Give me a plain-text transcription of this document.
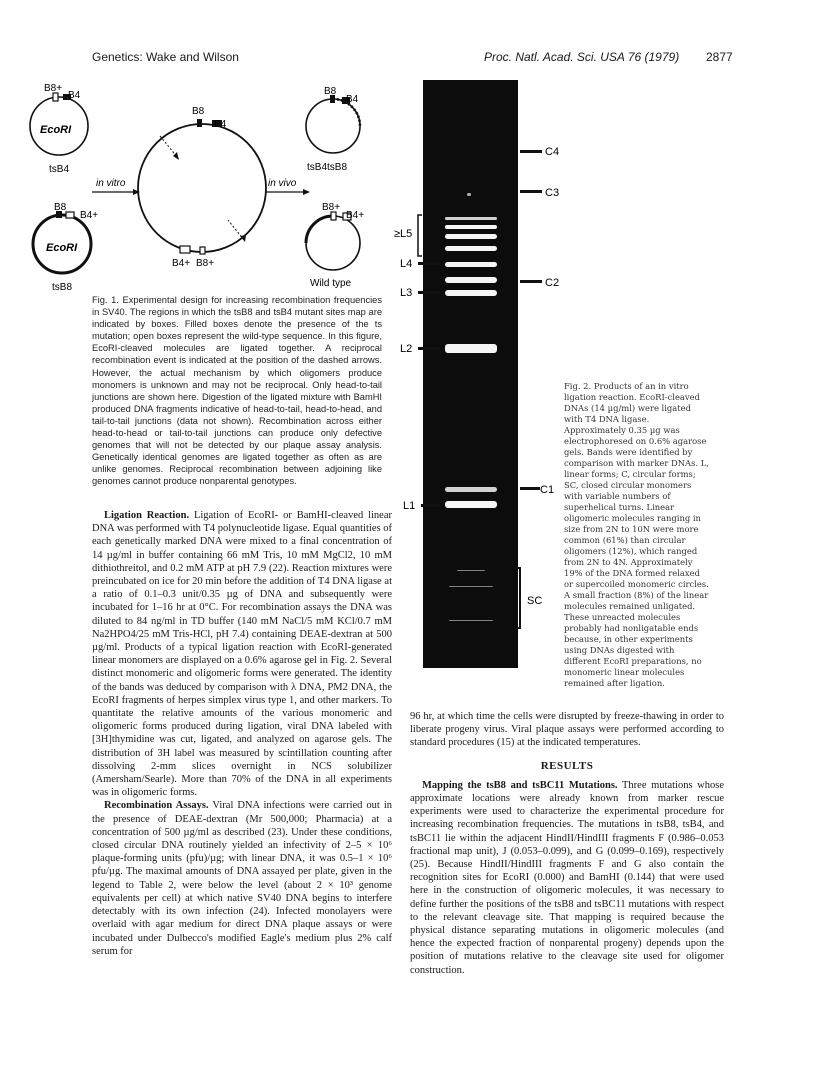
Genetics: Wake and Wilson	Proc. Natl. Acad. Sci. USA 76 (1979) 2877
B8+
B4
EcoRI
tsB4
B8
B4+
EcoRI
tsB8
B8
B4
B4+ B8+
in vitro	in vivo
B8
B4
tsB4tsB8
B8+
B4+
Wild type
Fig. 1. Experimental design for increasing recombination frequencies in SV40. The regions in which the tsB8 and tsB4 mutant sites map are indicated by boxes. Filled boxes denote the presence of the ts mutation; open boxes represent the wild-type sequence. In this figure, EcoRI-cleaved molecules are ligated together. A reciprocal recombination event is indicated at the position of the dashed arrows. However, the actual mechanism by which oligomers produce monomers is unknown and may not be reciprocal. Only head-to-tail junctions are shown here. Digestion of the ligated mixture with BamHI produced DNA fragments indicative of head-to-tail, head-to-head, and tail-to-tail junctions (data not shown). Recombination across either head-to-head or tail-to-tail junctions can produce only defective genomes that will not be detected by our plaque assay analysis. Genetically identical genomes are ligated together as often as are unlike genomes. Reciprocal recombination between adjoining like genomes cannot produce nonparental genotypes.
≥L5
L4
L3
L2
L1
C4
C3
C2
C1
SC
Fig. 2. Products of an in vitro ligation reaction. EcoRI-cleaved DNAs (14 µg/ml) were ligated with T4 DNA ligase. Approximately 0.35 µg was electrophoresed on 0.6% agarose gels. Bands were identified by comparison with marker DNAs. L, linear forms; C, circular forms; SC, closed circular monomers with variable numbers of superhelical turns. Linear oligomeric molecules ranging in size from 2N to 10N were more common (61%) than circular oligomers (12%), which ranged from 2N to 4N. Approximately 19% of the DNA formed relaxed or supercoiled monomeric circles. A small fraction (8%) of the linear molecules remained unligated. These unreacted molecules probably had nonligatable ends because, in other experiments using DNAs digested with different EcoRI preparations, no monomeric linear molecules remained after ligation.

Ligation Reaction. Ligation of EcoRI- or BamHI-cleaved linear DNA was performed with T4 polynucleotide ligase. Equal quantities of each genetically marked DNA were mixed to a final concentration of 14 µg/ml in buffer containing 66 mM Tris, 10 mM MgCl2, 10 mM dithiothreitol, and 0.2 mM ATP at pH 7.9 (22). Reaction mixtures were preincubated on ice for 20 min before the addition of T4 DNA ligase at a ratio of 0.1–0.3 unit/0.35 µg of DNA and subsequently were incubated for 1–16 hr at 0°C. For recombination assays the DNA was diluted to 84 ng/ml in TD buffer (140 mM NaCl/5 mM KCl/0.7 mM Na2HPO4/25 mM Tris-HCl, pH 7.4) containing DEAE-dextran at 500 µg/ml. Products of a typical ligation reaction with EcoRI-generated linear monomers are displayed on a 0.6% agarose gel in Fig. 2. Several distinct monomeric and oligomeric forms were generated. The identity of the bands was deduced by comparison with λ DNA, PM2 DNA, the EcoRI fragments of herpes simplex virus type 1, and other markers. To quantitate the relative amounts of the various monomeric and oligomeric forms produced during ligation, viral DNA labeled with [3H]thymidine was cut, ligated, and analyzed on agarose gels. The distribution of 3H label was measured by scintillation counting after dissolving 2-mm slices overnight in NCS solubilizer (Amersham/Searle). More than 70% of the DNA in all experiments was in oligomeric forms.

Recombination Assays. Viral DNA infections were carried out in the presence of DEAE-dextran (Mr 500,000; Pharmacia) at a concentration of 500 µg/ml as described (23). Under these conditions, closed circular DNA routinely yielded an infectivity of 2–5 × 10⁶ plaque-forming units (pfu)/µg; with linear DNA, it was 0.5–1 × 10⁶ pfu/µg. The maximal amounts of DNA assayed per plate, given in the legend to Table 2, were below the level (about 2 × 10³ genome equivalents per cell) at which native SV40 DNA begins to interfere detectably with its own infection (24). Infected monolayers were overlaid with agar medium for direct DNA plaque assays or were incubated under Dulbecco's modified Eagle's medium plus 2% calf serum for

96 hr, at which time the cells were disrupted by freeze-thawing in order to liberate progeny virus. Viral plaque assays were performed according to standard procedures (15) at the indicated temperatures.

RESULTS

Mapping the tsB8 and tsBC11 Mutations. Three mutations whose approximate locations were already known from marker rescue experiments were used to characterize the experimental procedure for increasing recombination frequencies. The mutations in tsB8, tsB4, and tsBC11 lie within the adjacent HindII/HindIII fragments F (0.986–0.053 fractional map unit), J (0.053–0.099), and G (0.099–0.169), respectively (25). Because HindII/HindIII fragments F and G also contain the recognition sites for EcoRI (0.000) and BamHI (0.144) that were used here in the construction of oligomeric molecules, it was necessary to define further the positions of the tsB8 and tsBC11 mutations with respect to the relevant cleavage site. That mapping is required because the physical distance separating mutations in oligomeric molecules (and hence the expected fraction of nonparental progeny) depends upon the position of mutations relative to the cleavage site used for oligomer construction.
